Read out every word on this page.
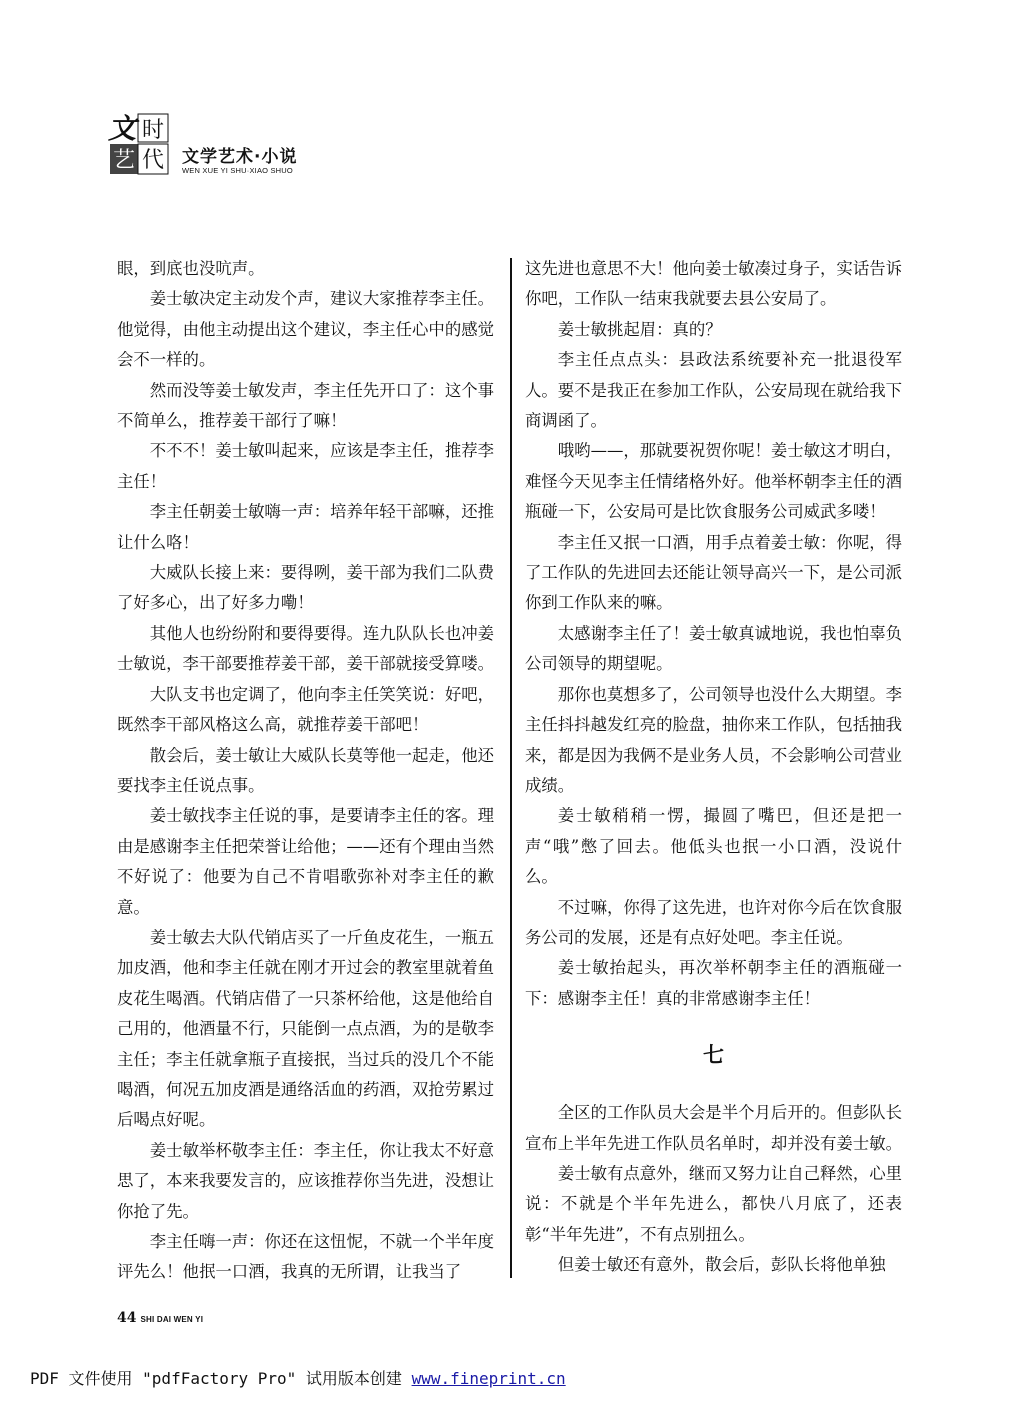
文 时
艺 代 文学艺术·小说
WEN XUE YI SHU·XIAO SHUO

眼，到底也没吭声。

姜士敏决定主动发个声，建议大家推荐李主任。他觉得，由他主动提出这个建议，李主任心中的感觉会不一样的。

然而没等姜士敏发声，李主任先开口了：这个事不简单么，推荐姜干部行了嘛！

不不不！姜士敏叫起来，应该是李主任，推荐李主任！

李主任朝姜士敏嗨一声：培养年轻干部嘛，还推让什么咯！

大威队长接上来：要得咧，姜干部为我们二队费了好多心，出了好多力嘞！

其他人也纷纷附和要得要得。连九队队长也冲姜士敏说，李干部要推荐姜干部，姜干部就接受算喽。

大队支书也定调了，他向李主任笑笑说：好吧，既然李干部风格这么高，就推荐姜干部吧！

散会后，姜士敏让大威队长莫等他一起走，他还要找李主任说点事。

姜士敏找李主任说的事，是要请李主任的客。理由是感谢李主任把荣誉让给他；——还有个理由当然不好说了：他要为自己不肯唱歌弥补对李主任的歉意。

姜士敏去大队代销店买了一斤鱼皮花生，一瓶五加皮酒，他和李主任就在刚才开过会的教室里就着鱼皮花生喝酒。代销店借了一只茶杯给他，这是他给自己用的，他酒量不行，只能倒一点点酒，为的是敬李主任；李主任就拿瓶子直接抿，当过兵的没几个不能喝酒，何况五加皮酒是通络活血的药酒，双抢劳累过后喝点好呢。

姜士敏举杯敬李主任：李主任，你让我太不好意思了，本来我要发言的，应该推荐你当先进，没想让你抢了先。

李主任嗨一声：你还在这忸怩，不就一个半年度评先么！他抿一口酒，我真的无所谓，让我当了

这先进也意思不大！他向姜士敏凑过身子，实话告诉你吧，工作队一结束我就要去县公安局了。

姜士敏挑起眉：真的？

李主任点点头：县政法系统要补充一批退役军人。要不是我正在参加工作队，公安局现在就给我下商调函了。

哦哟——，那就要祝贺你呢！姜士敏这才明白，难怪今天见李主任情绪格外好。他举杯朝李主任的酒瓶碰一下，公安局可是比饮食服务公司威武多喽！

李主任又抿一口酒，用手点着姜士敏：你呢，得了工作队的先进回去还能让领导高兴一下，是公司派你到工作队来的嘛。

太感谢李主任了！姜士敏真诚地说，我也怕辜负公司领导的期望呢。

那你也莫想多了，公司领导也没什么大期望。李主任抖抖越发红亮的脸盘，抽你来工作队，包括抽我来，都是因为我俩不是业务人员，不会影响公司营业成绩。

姜士敏稍稍一愣，撮圆了嘴巴，但还是把一声“哦”憋了回去。他低头也抿一小口酒，没说什么。

不过嘛，你得了这先进，也许对你今后在饮食服务公司的发展，还是有点好处吧。李主任说。

姜士敏抬起头，再次举杯朝李主任的酒瓶碰一下：感谢李主任！真的非常感谢李主任！

七

全区的工作队员大会是半个月后开的。但彭队长宣布上半年先进工作队员名单时，却并没有姜士敏。

姜士敏有点意外，继而又努力让自己释然，心里说：不就是个半年先进么，都快八月底了，还表彰“半年先进”，不有点别扭么。

但姜士敏还有意外，散会后，彭队长将他单独

44 SHI DAI WEN YI
PDF 文件使用 "pdfFactory Pro" 试用版本创建 www.fineprint.cn
